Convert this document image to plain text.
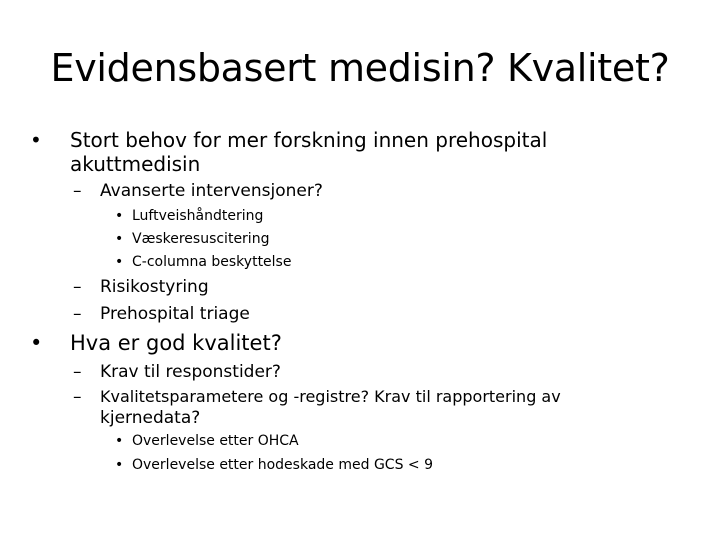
Evidensbasert medisin? Kvalitet?
• Stort behov for mer forskning innen prehospital
akuttmedisin
– Avanserte intervensjoner?
• Luftveishåndtering
• Væskeresuscitering
• C-columna beskyttelse
– Risikostyring
– Prehospital triage
• Hva er god kvalitet?
– Krav til responstider?
– Kvalitetsparametere og -registre? Krav til rapportering av
kjernedata?
• Overlevelse etter OHCA
• Overlevelse etter hodeskade med GCS < 9
